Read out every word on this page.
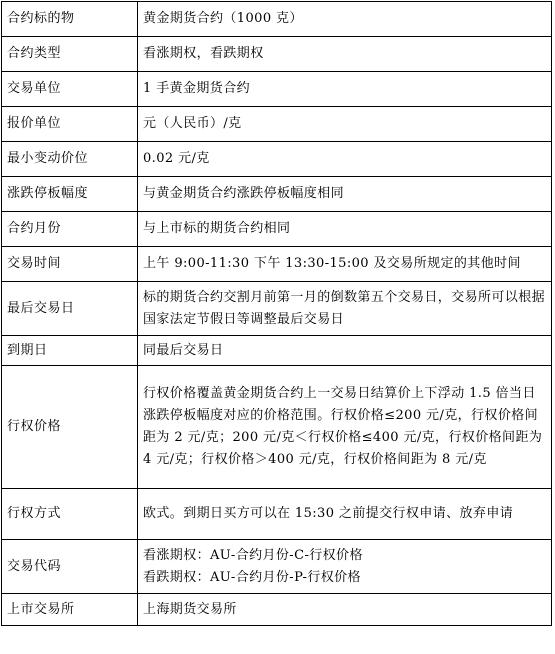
合约标的物	黄金期货合约（1000 克）
合约类型	看涨期权，看跌期权
交易单位	1 手黄金期货合约
报价单位	元（人民币）/克
最小变动价位	0.02 元/克
涨跌停板幅度	与黄金期货合约涨跌停板幅度相同
合约月份	与上市标的期货合约相同
交易时间	上午 9:00-11:30 下午 13:30-15:00 及交易所规定的其他时间
最后交易日	标的期货合约交割月前第一月的倒数第五个交易日，交易所可以根据国家法定节假日等调整最后交易日
到期日	同最后交易日
行权价格	行权价格覆盖黄金期货合约上一交易日结算价上下浮动 1.5 倍当日涨跌停板幅度对应的价格范围。行权价格≤200 元/克，行权价格间距为 2 元/克；200 元/克＜行权价格≤400 元/克，行权价格间距为 4 元/克；行权价格＞400 元/克，行权价格间距为 8 元/克
行权方式	欧式。到期日买方可以在 15:30 之前提交行权申请、放弃申请
交易代码	看涨期权：AU-合约月份-C-行权价格
看跌期权：AU-合约月份-P-行权价格

上市交易所	上海期货交易所
